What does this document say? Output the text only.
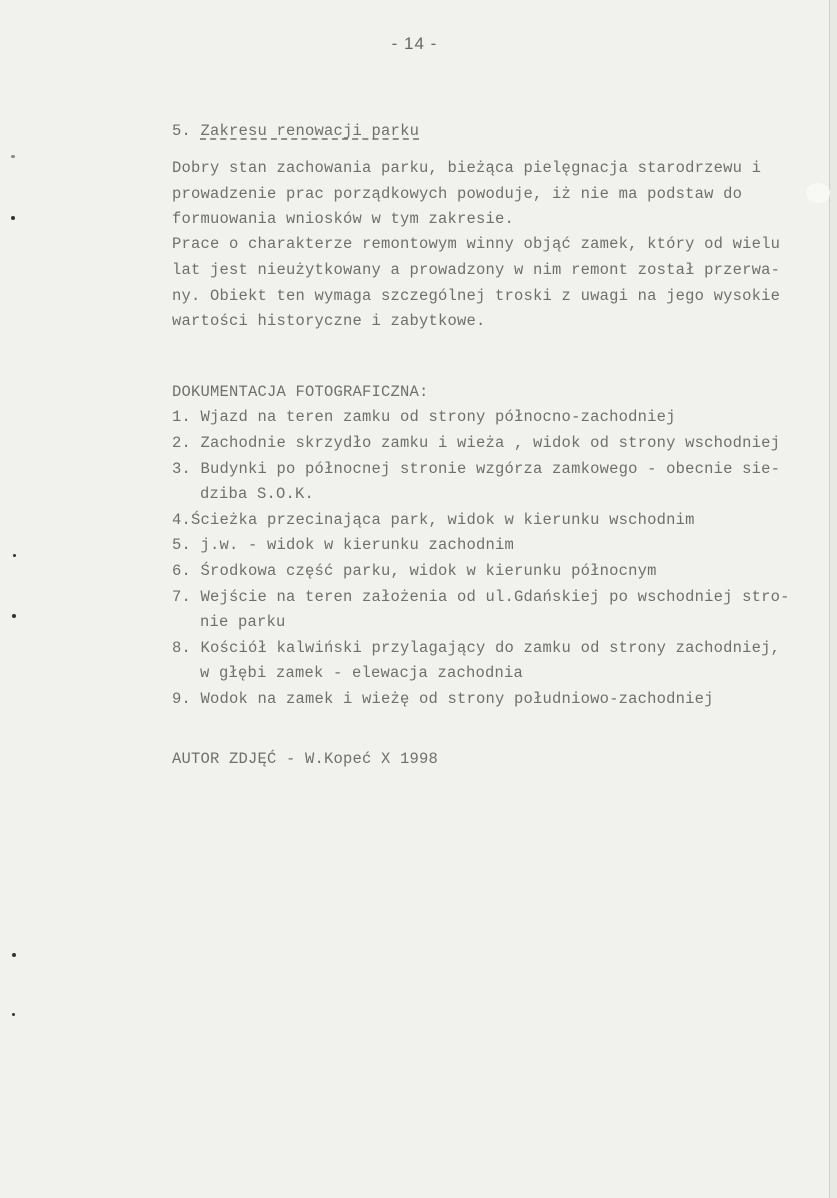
- 14 -
5. Zakresu renowacji parku
Dobry stan zachowania parku, bieżąca pielęgnacja starodrzewu i
prowadzenie prac porządkowych powoduje, iż nie ma podstaw do
formuowania wniosków w tym zakresie.
Prace o charakterze remontowym winny objąć zamek, który od wielu
lat jest nieużytkowany a prowadzony w nim remont został przerwa-
ny. Obiekt ten wymaga szczególnej troski z uwagi na jego wysokie
wartości historyczne i zabytkowe.
DOKUMENTACJA FOTOGRAFICZNA:
1. Wjazd na teren zamku od strony północno-zachodniej
2. Zachodnie skrzydło zamku i wieża , widok od strony wschodniej
3. Budynki po północnej stronie wzgórza zamkowego - obecnie sie-
dziba S.O.K.
4.Ścieżka przecinająca park, widok w kierunku wschodnim
5. j.w. - widok w kierunku zachodnim
6. Środkowa część parku, widok w kierunku północnym
7. Wejście na teren założenia od ul.Gdańskiej po wschodniej stro-
nie parku
8. Kościół kalwiński przylagający do zamku od strony zachodniej,
w głębi zamek - elewacja zachodnia
9. Wodok na zamek i wieżę od strony południowo-zachodniej
AUTOR ZDJĘĆ - W.Kopeć X 1998
